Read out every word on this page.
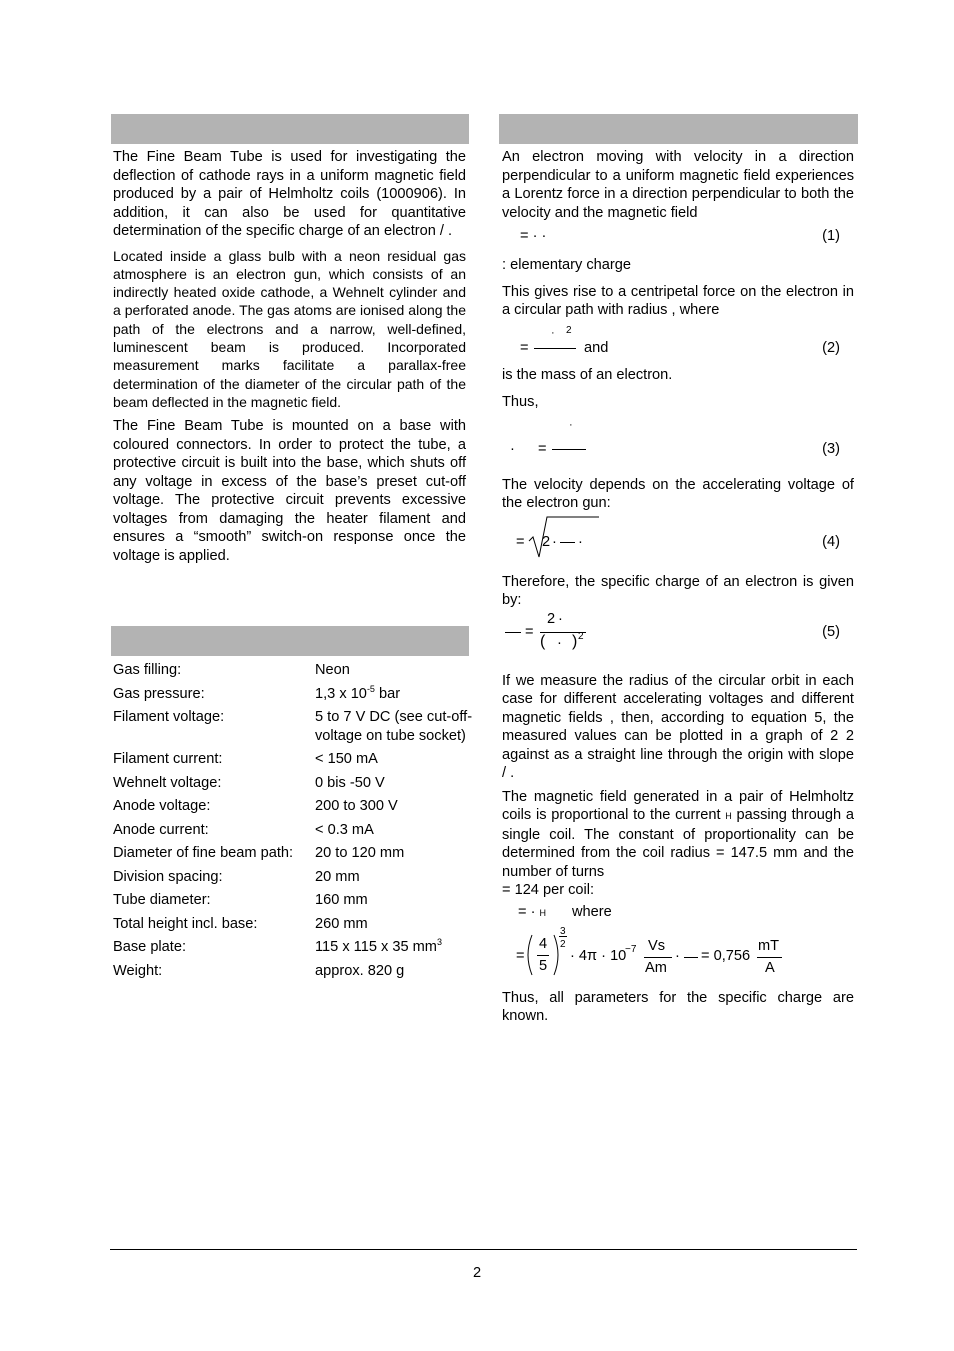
The Fine Beam Tube is used for investigating the deflection of cathode rays in a uniform magnetic field produced by a pair of Helmholtz coils (1000906). In addition, it can also be used for quantitative determination of the specific charge of an electron / .

Located inside a glass bulb with a neon residual gas atmosphere is an electron gun, which consists of an indirectly heated oxide cathode, a Wehnelt cylinder and a perforated anode. The gas atoms are ionised along the path of the electrons and a narrow, well-defined, luminescent beam is produced. Incorporated measurement marks facilitate a parallax-free determination of the diameter of the circular path of the beam deflected in the magnetic field.

The Fine Beam Tube is mounted on a base with coloured connectors. In order to protect the tube, a protective circuit is built into the base, which shuts off any voltage in excess of the base’s preset cut-off voltage. The protective circuit prevents excessive voltages from damaging the heater filament and ensures a “smooth” switch-on response once the voltage is applied.

Gas filling:	Neon
Gas pressure:	1,3 x $10^{-5}$ bar
Filament voltage:	5 to 7 V DC (see cut-off-voltage on tube socket)
Filament current:	< 150 mA
Wehnelt voltage:	0 bis -50 V
Anode voltage:	200 to 300 V
Anode current:	< 0.3 mA
Diameter of fine beam path:	20 to 120 mm
Division spacing:	20 mm
Tube diameter:	160 mm
Total height incl. base:	260 mm
Base plate:	115 x 115 x 35 $mm^3$
Weight:	approx. 820 g

An electron moving with velocity in a direction perpendicular to a uniform magnetic field experiences a Lorentz force in a direction perpendicular to both the velocity and the magnetic field

= · ·	(1)

: elementary charge

This gives rise to a centripetal force on the electron in a circular path with radius , where

· 2
=	and	(2)

is the mass of an electron.

Thus,

·
· =	(3)

The velocity depends on the accelerating voltage of the electron gun:

= 2 · ·	(4)

Therefore, the specific charge of an electron is given by:

=
2 ·
( · ) 2	(5)

If we measure the radius of the circular orbit in each case for different accelerating voltages and different magnetic fields , then, according to equation 5, the measured values can be plotted in a graph of 2 2 against as a straight line through the origin with slope / .

The magnetic field generated in a pair of Helmholtz coils is proportional to the current H passing through a single coil. The constant of proportionality can be determined from the coil radius = 147.5 mm and the number of turns

= 124 per coil:

= · H where
=
4
5
3
2
· 4π · 10
−7 Vs
Am
· = 0,756
mT
A

Thus, all parameters for the specific charge are known.

2
